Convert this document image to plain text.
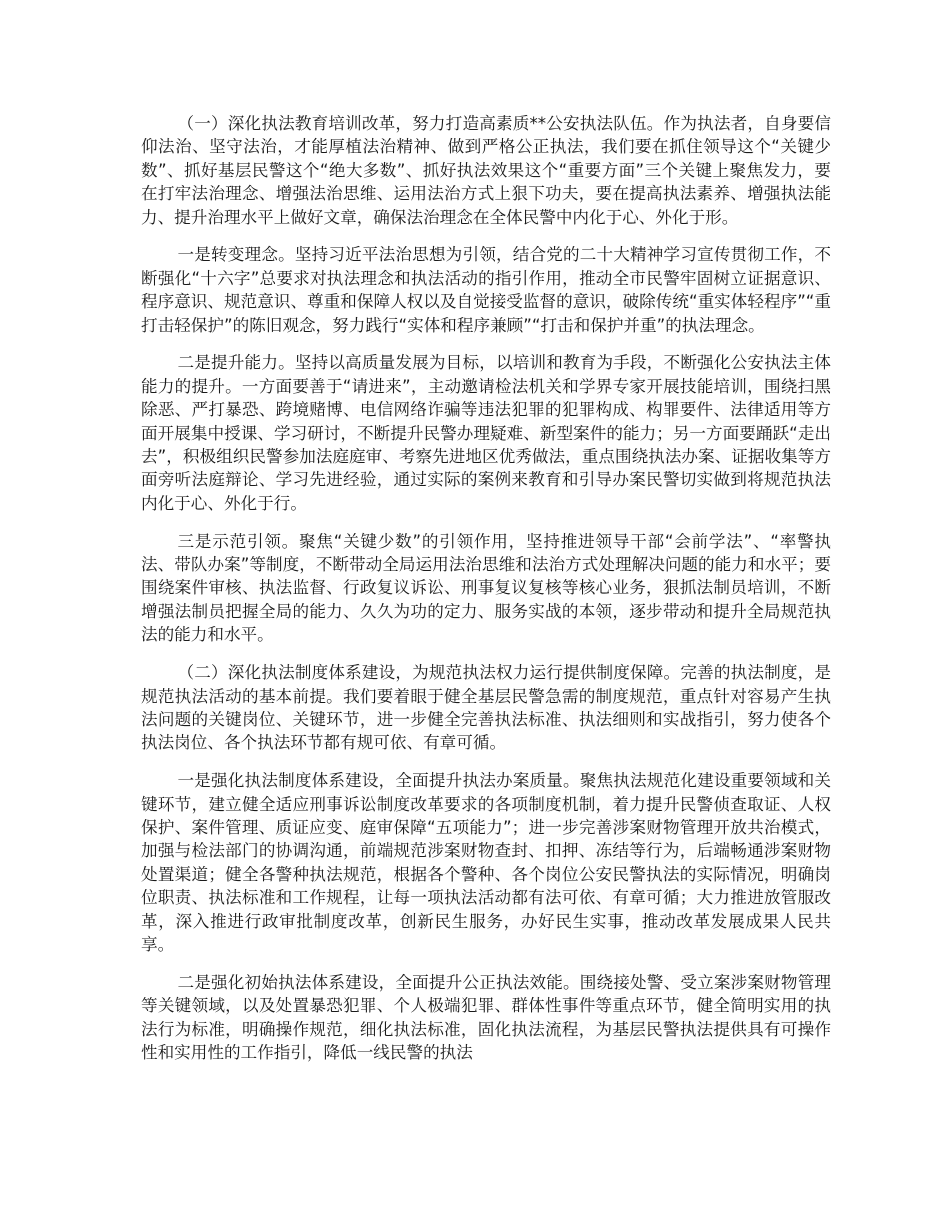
（一）深化执法教育培训改革，努力打造高素质**公安执法队伍。作为执法者，自身要信仰法治、坚守法治，才能厚植法治精神、做到严格公正执法，我们要在抓住领导这个“关键少数”、抓好基层民警这个“绝大多数”、抓好执法效果这个“重要方面”三个关键上聚焦发力，要在打牢法治理念、增强法治思维、运用法治方式上狠下功夫，要在提高执法素养、增强执法能力、提升治理水平上做好文章，确保法治理念在全体民警中内化于心、外化于形。

一是转变理念。坚持习近平法治思想为引领，结合党的二十大精神学习宣传贯彻工作，不断强化“十六字”总要求对执法理念和执法活动的指引作用，推动全市民警牢固树立证据意识、程序意识、规范意识、尊重和保障人权以及自觉接受监督的意识，破除传统“重实体轻程序”“重打击轻保护”的陈旧观念，努力践行“实体和程序兼顾”“打击和保护并重”的执法理念。

二是提升能力。坚持以高质量发展为目标，以培训和教育为手段，不断强化公安执法主体能力的提升。一方面要善于“请进来”，主动邀请检法机关和学界专家开展技能培训，围绕扫黑除恶、严打暴恐、跨境赌博、电信网络诈骗等违法犯罪的犯罪构成、构罪要件、法律适用等方面开展集中授课、学习研讨，不断提升民警办理疑难、新型案件的能力；另一方面要踊跃“走出去”，积极组织民警参加法庭庭审、考察先进地区优秀做法，重点围绕执法办案、证据收集等方面旁听法庭辩论、学习先进经验，通过实际的案例来教育和引导办案民警切实做到将规范执法内化于心、外化于行。

三是示范引领。聚焦“关键少数”的引领作用，坚持推进领导干部“会前学法”、“率警执法、带队办案”等制度，不断带动全局运用法治思维和法治方式处理解决问题的能力和水平；要围绕案件审核、执法监督、行政复议诉讼、刑事复议复核等核心业务，狠抓法制员培训，不断增强法制员把握全局的能力、久久为功的定力、服务实战的本领，逐步带动和提升全局规范执法的能力和水平。

（二）深化执法制度体系建设，为规范执法权力运行提供制度保障。完善的执法制度，是规范执法活动的基本前提。我们要着眼于健全基层民警急需的制度规范，重点针对容易产生执法问题的关键岗位、关键环节，进一步健全完善执法标准、执法细则和实战指引，努力使各个执法岗位、各个执法环节都有规可依、有章可循。

一是强化执法制度体系建设，全面提升执法办案质量。聚焦执法规范化建设重要领域和关键环节，建立健全适应刑事诉讼制度改革要求的各项制度机制，着力提升民警侦查取证、人权保护、案件管理、质证应变、庭审保障“五项能力”；进一步完善涉案财物管理开放共治模式，加强与检法部门的协调沟通，前端规范涉案财物查封、扣押、冻结等行为，后端畅通涉案财物处置渠道；健全各警种执法规范，根据各个警种、各个岗位公安民警执法的实际情况，明确岗位职责、执法标准和工作规程，让每一项执法活动都有法可依、有章可循；大力推进放管服改革，深入推进行政审批制度改革，创新民生服务，办好民生实事，推动改革发展成果人民共享。

二是强化初始执法体系建设，全面提升公正执法效能。围绕接处警、受立案涉案财物管理等关键领域，以及处置暴恐犯罪、个人极端犯罪、群体性事件等重点环节，健全简明实用的执法行为标准，明确操作规范，细化执法标准，固化执法流程，为基层民警执法提供具有可操作性和实用性的工作指引，降低一线民警的执法
